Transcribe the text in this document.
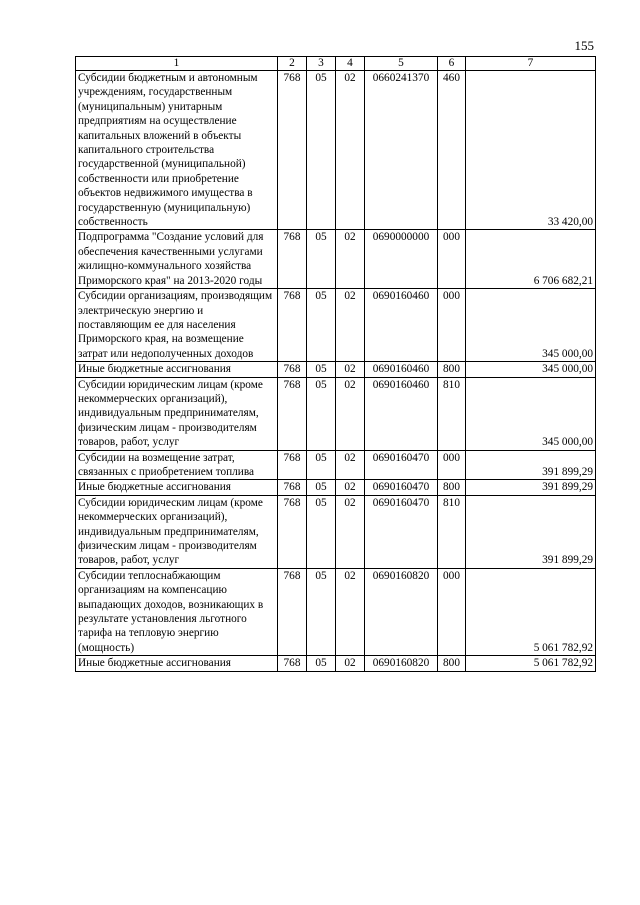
155
1	2	3	4	5	6	7
Субсидии бюджетным и автономным учреждениям, государственным (муниципальным) унитарным предприятиям на осуществление капитальных вложений в объекты капитального строительства государственной (муниципальной) собственности или приобретение объектов недвижимого имущества в государственную (муниципальную) собственность	768	05	02	0660241370	460	33 420,00
Подпрограмма "Создание условий для обеспечения качественными услугами жилищно-коммунального хозяйства Приморского края" на 2013-2020 годы	768	05	02	0690000000	000	6 706 682,21
Субсидии организациям, производящим электрическую энергию и поставляющим ее для населения Приморского края, на возмещение затрат или недополученных доходов	768	05	02	0690160460	000	345 000,00
Иные бюджетные ассигнования	768	05	02	0690160460	800	345 000,00
Субсидии юридическим лицам (кроме некоммерческих организаций), индивидуальным предпринимателям, физическим лицам - производителям товаров, работ, услуг	768	05	02	0690160460	810	345 000,00
Субсидии на возмещение затрат, связанных с приобретением топлива	768	05	02	0690160470	000	391 899,29
Иные бюджетные ассигнования	768	05	02	0690160470	800	391 899,29
Субсидии юридическим лицам (кроме некоммерческих организаций), индивидуальным предпринимателям, физическим лицам - производителям товаров, работ, услуг	768	05	02	0690160470	810	391 899,29
Субсидии теплоснабжающим организациям на компенсацию выпадающих доходов, возникающих в результате установления льготного тарифа на тепловую энергию (мощность)	768	05	02	0690160820	000	5 061 782,92
Иные бюджетные ассигнования	768	05	02	0690160820	800	5 061 782,92
